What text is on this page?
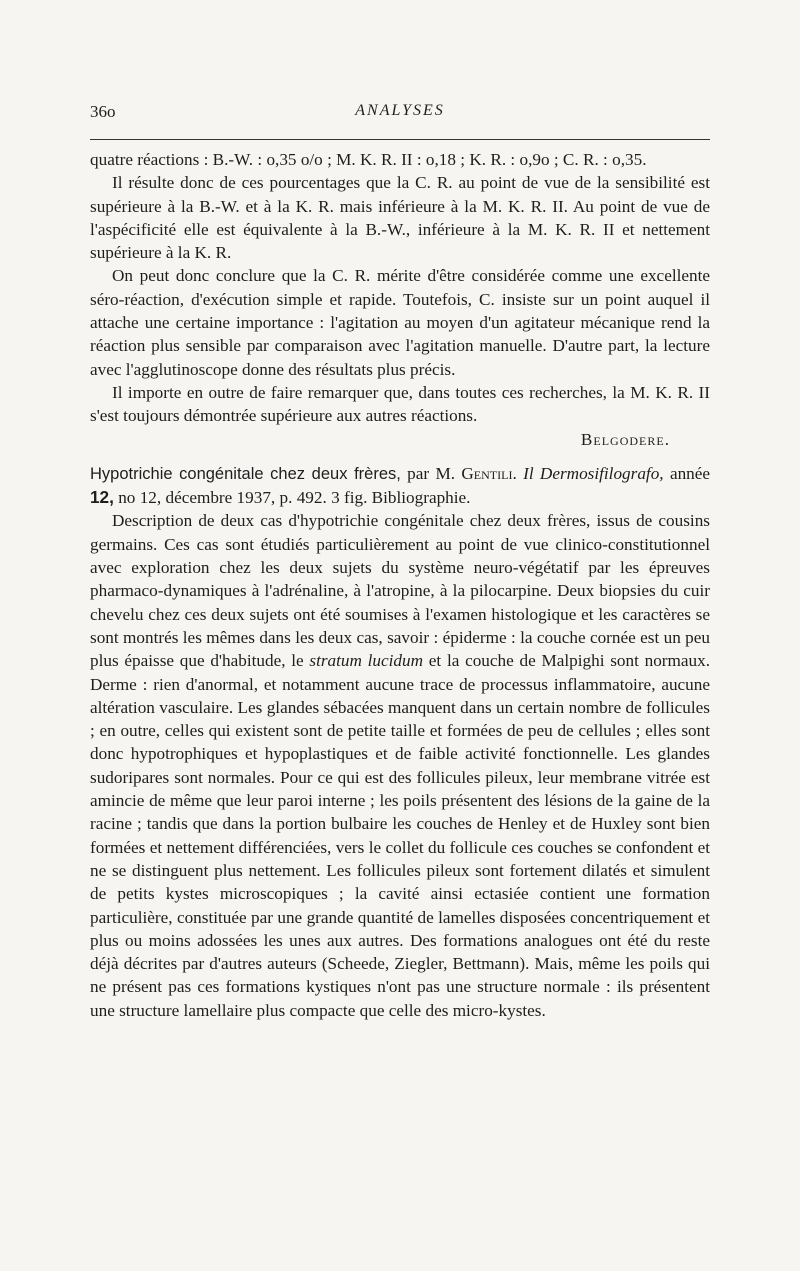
36o	ANALYSES

quatre réactions : B.-W. : o,35 o/o ; M. K. R. II : o,18 ; K. R. : o,9o ; C. R. : o,35.

Il résulte donc de ces pourcentages que la C. R. au point de vue de la sensibilité est supérieure à la B.-W. et à la K. R. mais inférieure à la M. K. R. II. Au point de vue de l'aspécificité elle est équivalente à la B.-W., inférieure à la M. K. R. II et nettement supérieure à la K. R.

On peut donc conclure que la C. R. mérite d'être considérée comme une excellente séro-réaction, d'exécution simple et rapide. Toutefois, C. insiste sur un point auquel il attache une certaine importance : l'agitation au moyen d'un agitateur mécanique rend la réaction plus sensible par comparaison avec l'agitation manuelle. D'autre part, la lecture avec l'agglutinoscope donne des résultats plus précis.

Il importe en outre de faire remarquer que, dans toutes ces recherches, la M. K. R. II s'est toujours démontrée supérieure aux autres réactions.

Belgodere.

Hypotrichie congénitale chez deux frères, par M. Gentili. Il Dermosifilografo, année 12, no 12, décembre 1937, p. 492. 3 fig. Bibliographie.

Description de deux cas d'hypotrichie congénitale chez deux frères, issus de cousins germains. Ces cas sont étudiés particulièrement au point de vue clinico-constitutionnel avec exploration chez les deux sujets du système neuro-végétatif par les épreuves pharmaco-dynamiques à l'adrénaline, à l'atropine, à la pilocarpine. Deux biopsies du cuir chevelu chez ces deux sujets ont été soumises à l'examen histologique et les caractères se sont montrés les mêmes dans les deux cas, savoir : épiderme : la couche cornée est un peu plus épaisse que d'habitude, le stratum lucidum et la couche de Malpighi sont normaux. Derme : rien d'anormal, et notamment aucune trace de processus inflammatoire, aucune altération vasculaire. Les glandes sébacées manquent dans un certain nombre de follicules ; en outre, celles qui existent sont de petite taille et formées de peu de cellules ; elles sont donc hypotrophiques et hypoplastiques et de faible activité fonctionnelle. Les glandes sudoripares sont normales. Pour ce qui est des follicules pileux, leur membrane vitrée est amincie de même que leur paroi interne ; les poils présentent des lésions de la gaine de la racine ; tandis que dans la portion bulbaire les couches de Henley et de Huxley sont bien formées et nettement différenciées, vers le collet du follicule ces couches se confondent et ne se distinguent plus nettement. Les follicules pileux sont fortement dilatés et simulent de petits kystes microscopiques ; la cavité ainsi ectasiée contient une formation particulière, constituée par une grande quantité de lamelles disposées concentriquement et plus ou moins adossées les unes aux autres. Des formations analogues ont été du reste déjà décrites par d'autres auteurs (Scheede, Ziegler, Bettmann). Mais, même les poils qui ne présent pas ces formations kystiques n'ont pas une structure normale : ils présentent une structure lamellaire plus compacte que celle des micro-kystes.
